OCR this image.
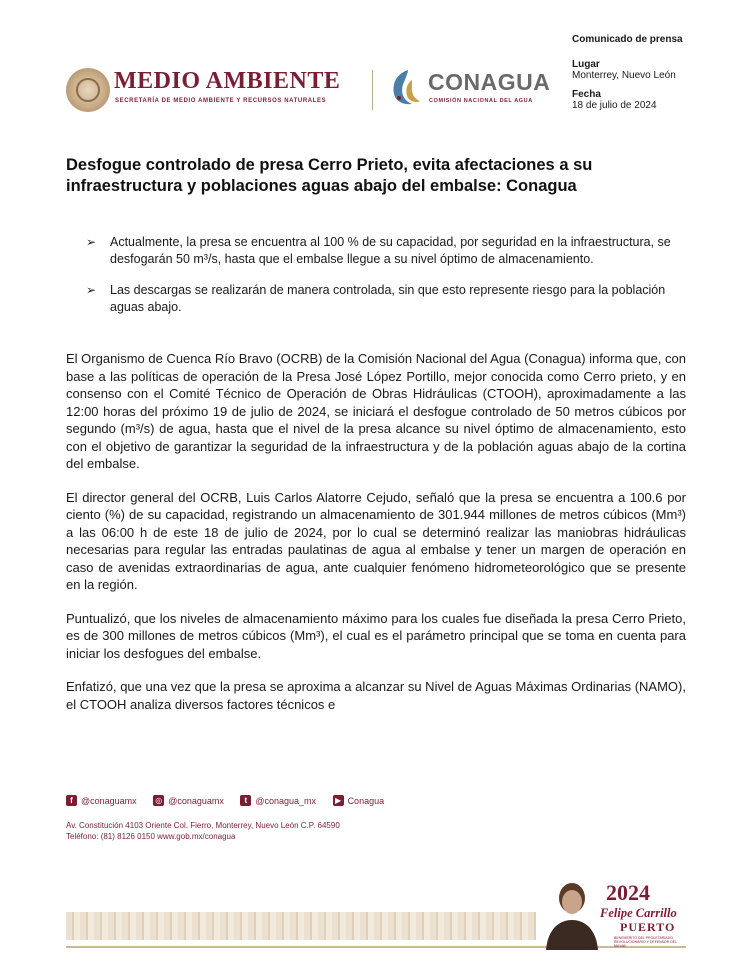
MEDIO AMBIENTE
SECRETARÍA DE MEDIO AMBIENTE Y RECURSOS NATURALES
CONAGUA
COMISIÓN NACIONAL DEL AGUA
Comunicado de prensa
Lugar
Monterrey, Nuevo León
Fecha
18 de julio de 2024
Desfogue controlado de presa Cerro Prieto, evita afectaciones a su infraestructura y poblaciones aguas abajo del embalse: Conagua
➢ Actualmente, la presa se encuentra al 100 % de su capacidad, por seguridad en la infraestructura, se desfogarán 50 m³/s, hasta que el embalse llegue a su nivel óptimo de almacenamiento.
➢ Las descargas se realizarán de manera controlada, sin que esto represente riesgo para la población aguas abajo.

El Organismo de Cuenca Río Bravo (OCRB) de la Comisión Nacional del Agua (Conagua) informa que, con base a las políticas de operación de la Presa José López Portillo, mejor conocida como Cerro prieto, y en consenso con el Comité Técnico de Operación de Obras Hidráulicas (CTOOH), aproximadamente a las 12:00 horas del próximo 19 de julio de 2024, se iniciará el desfogue controlado de 50 metros cúbicos por segundo (m³/s) de agua, hasta que el nivel de la presa alcance su nivel óptimo de almacenamiento, esto con el objetivo de garantizar la seguridad de la infraestructura y de la población aguas abajo de la cortina del embalse.

El director general del OCRB, Luis Carlos Alatorre Cejudo, señaló que la presa se encuentra a 100.6 por ciento (%) de su capacidad, registrando un almacenamiento de 301.944 millones de metros cúbicos (Mm³) a las 06:00 h de este 18 de julio de 2024, por lo cual se determinó realizar las maniobras hidráulicas necesarias para regular las entradas paulatinas de agua al embalse y tener un margen de operación en caso de avenidas extraordinarias de agua, ante cualquier fenómeno hidrometeorológico que se presente en la región.

Puntualizó, que los niveles de almacenamiento máximo para los cuales fue diseñada la presa Cerro Prieto, es de 300 millones de metros cúbicos (Mm³), el cual es el parámetro principal que se toma en cuenta para iniciar los desfogues del embalse.

Enfatizó, que una vez que la presa se aproxima a alcanzar su Nivel de Aguas Máximas Ordinarias (NAMO), el CTOOH analiza diversos factores técnicos e

f @conaguamx
◎ @conaguamx
	t @conagua_mx
	▶ Conagua
Av. Constitución 4103 Oriente Col. Fierro, Monterrey, Nuevo León C.P. 64590
Teléfono: (81) 8126 0150 www.gob.mx/conagua
2024
Felipe Carrillo
PUERTO
BENEMÉRITO DEL PROLETARIADO, REVOLUCIONARIO Y DEFENSOR DEL MAYAB
